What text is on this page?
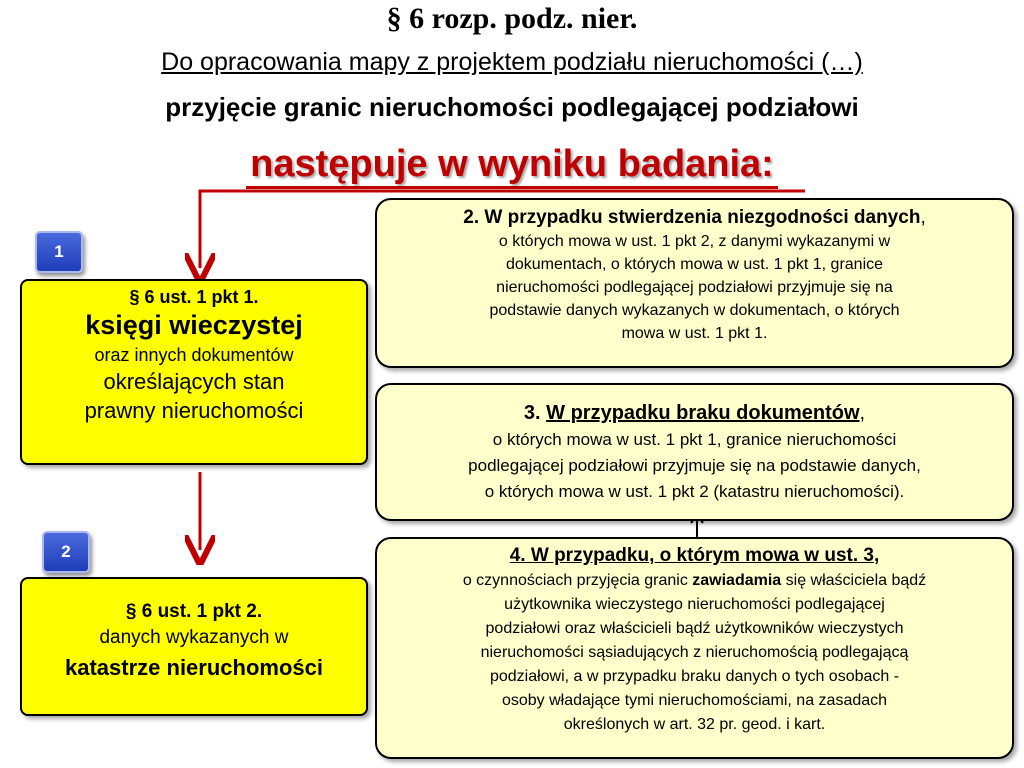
§ 6 rozp. podz. nier.
Do opracowania mapy z projektem podziału nieruchomości (…)
przyjęcie granic nieruchomości podlegającej podziałowi
następuje w wyniku badania:
1
2
§ 6 ust. 1 pkt 1.
księgi wieczystej
oraz innych dokumentów
określających stan
prawny nieruchomości
§ 6 ust. 1 pkt 2.
danych wykazanych w
katastrze nieruchomości
2. W przypadku stwierdzenia niezgodności danych,
o których mowa w ust. 1 pkt 2, z danymi wykazanymi w
dokumentach, o których mowa w ust. 1 pkt 1, granice
nieruchomości podlegającej podziałowi przyjmuje się na
podstawie danych wykazanych w dokumentach, o których
mowa w ust. 1 pkt 1.
3. W przypadku braku dokumentów,
o których mowa w ust. 1 pkt 1, granice nieruchomości
podlegającej podziałowi przyjmuje się na podstawie danych,
o których mowa w ust. 1 pkt 2 (katastru nieruchomości).
4. W przypadku, o którym mowa w ust. 3,
o czynnościach przyjęcia granic zawiadamia się właściciela bądź
użytkownika wieczystego nieruchomości podlegającej
podziałowi oraz właścicieli bądź użytkowników wieczystych
nieruchomości sąsiadujących z nieruchomością podlegającą
podziałowi, a w przypadku braku danych o tych osobach -
osoby władające tymi nieruchomościami, na zasadach
określonych w art. 32 pr. geod. i kart.
